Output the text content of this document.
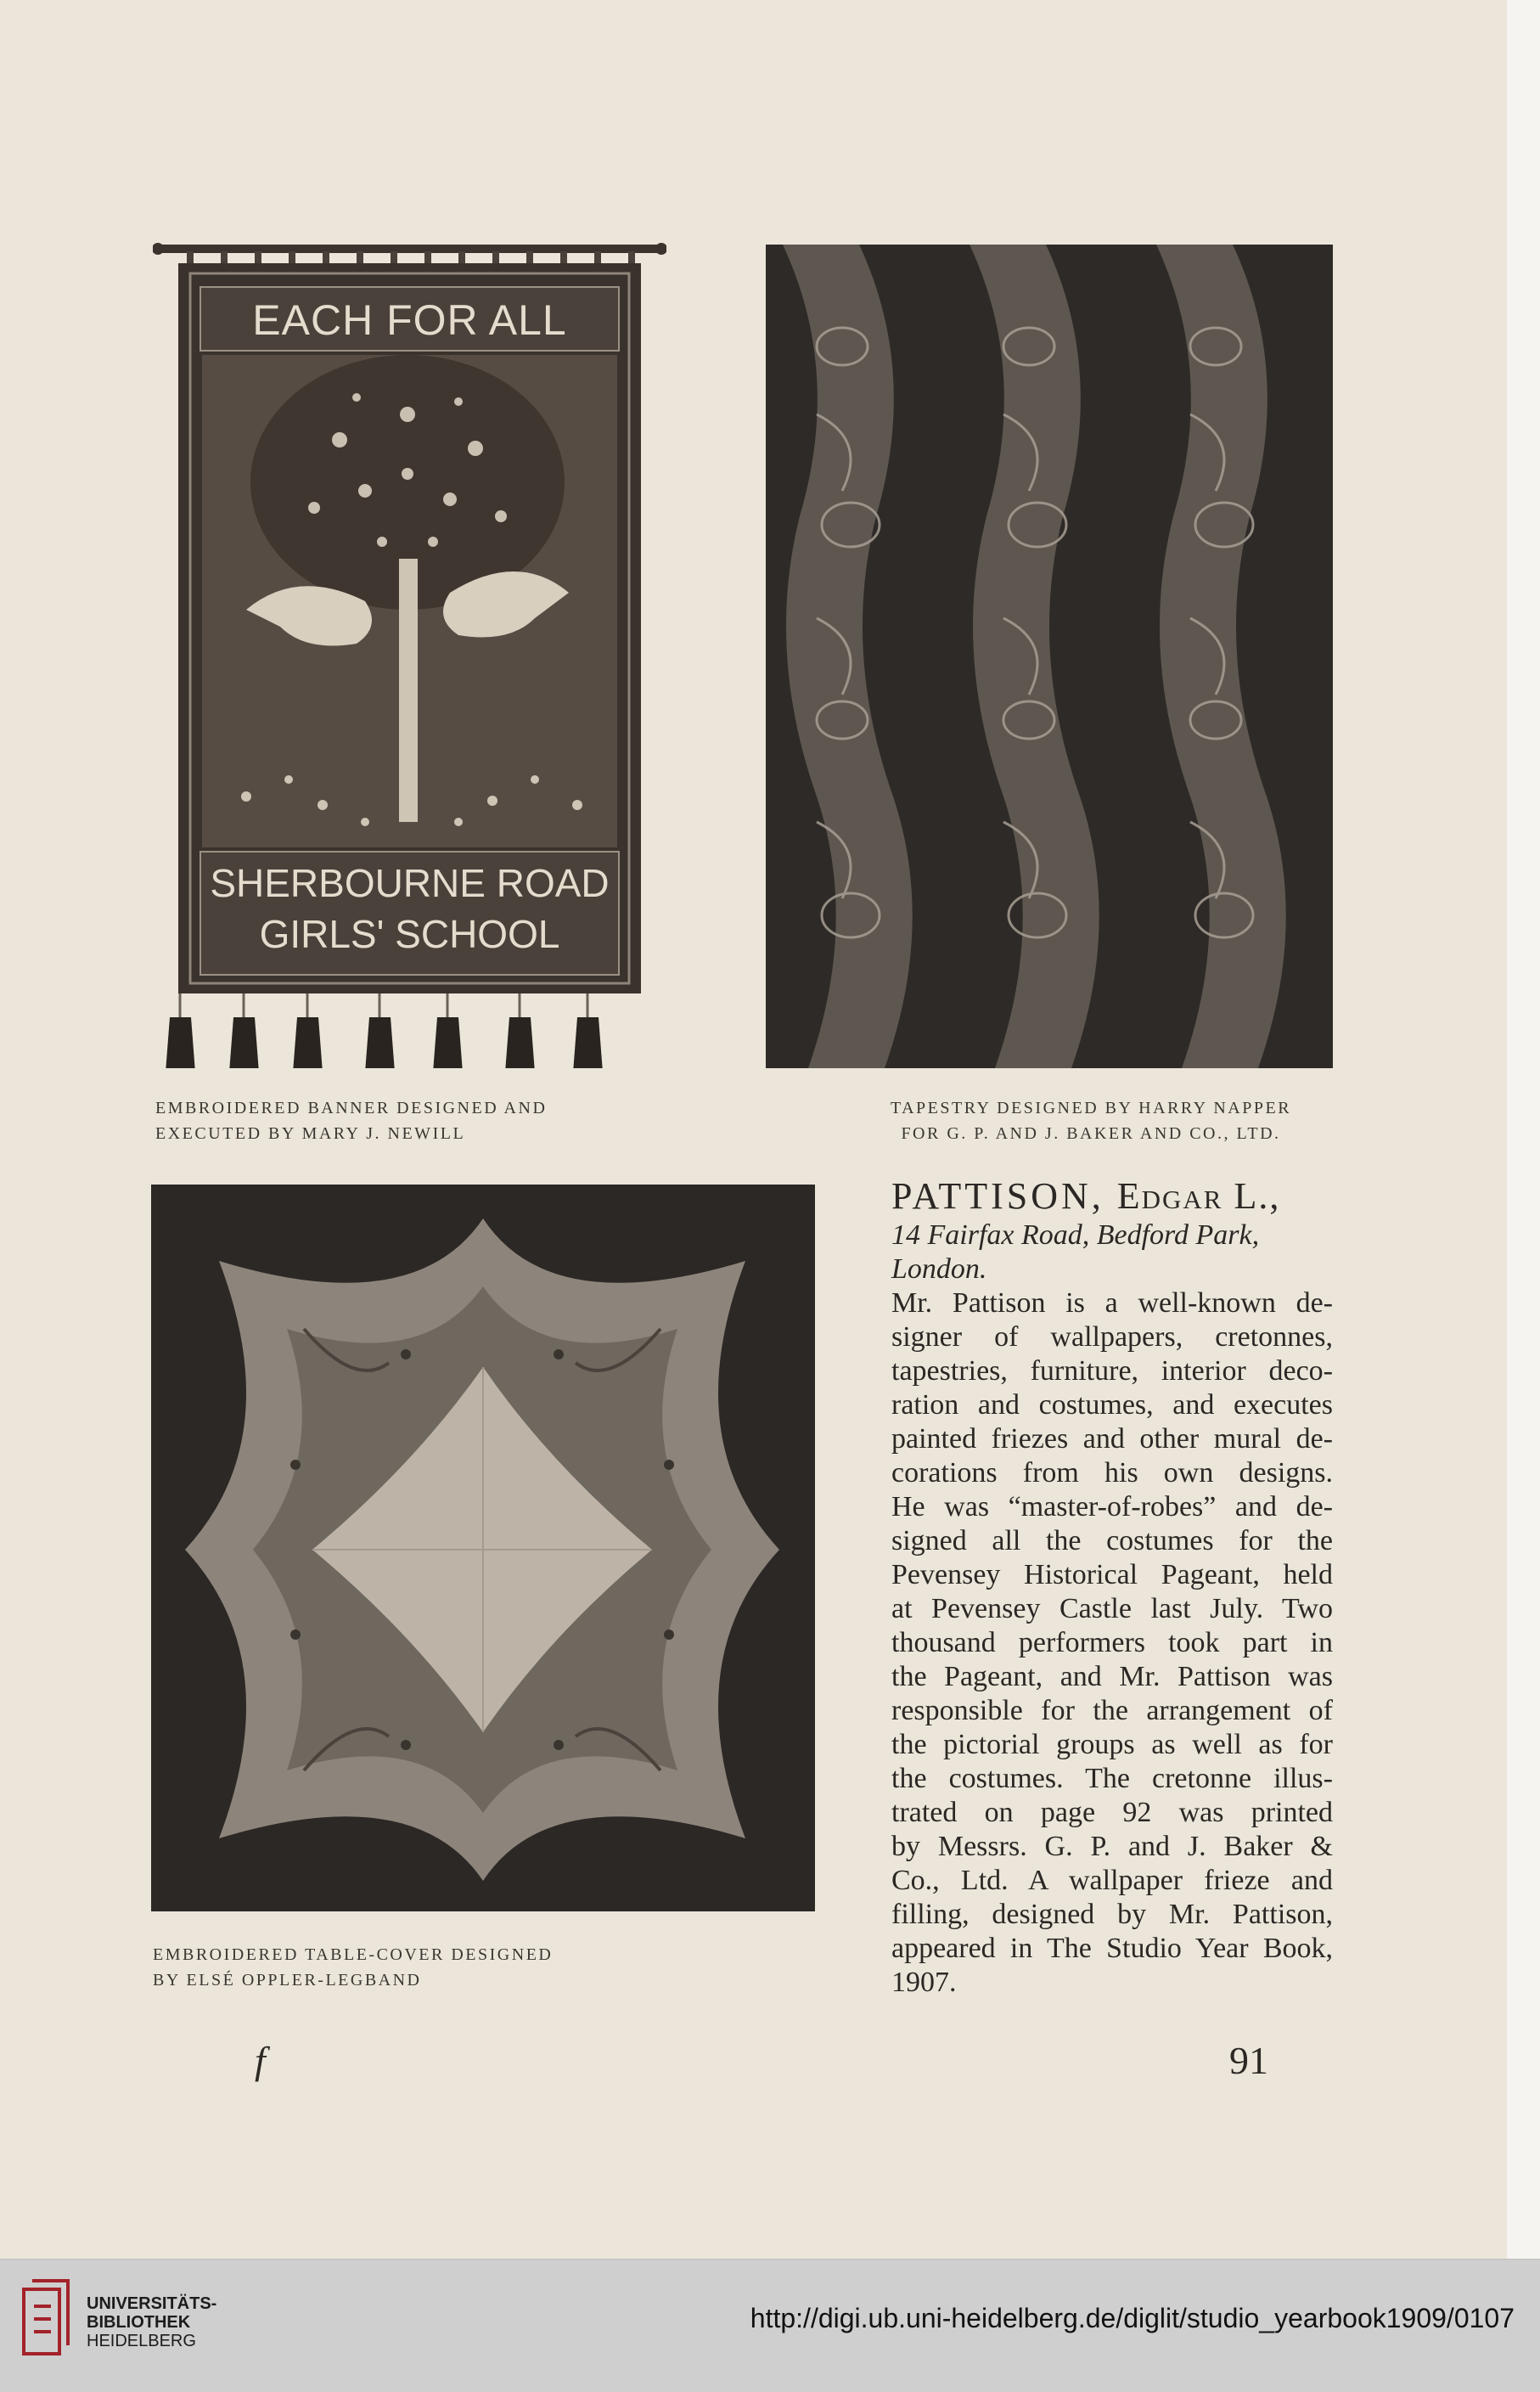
EACH FOR ALL
SHERBOURNE ROAD
GIRLS' SCHOOL
EMBROIDERED BANNER DESIGNED AND
EXECUTED BY MARY J. NEWILL
TAPESTRY DESIGNED BY HARRY NAPPER
FOR G. P. AND J. BAKER AND CO., LTD.
EMBROIDERED TABLE-COVER DESIGNED
BY ELSÉ OPPLER-LEGBAND
PATTISON, Edgar L.,
14 Fairfax Road, Bedford Park,
London.
Mr. Pattison is a well-known de-
signer of wallpapers, cretonnes,
tapestries, furniture, interior deco-
ration and costumes, and executes
painted friezes and other mural de-
corations from his own designs.
He was “master-of-robes” and de-
signed all the costumes for the
Pevensey Historical Pageant, held
at Pevensey Castle last July. Two
thousand performers took part in
the Pageant, and Mr. Pattison was
responsible for the arrangement of
the pictorial groups as well as for
the costumes. The cretonne illus-
trated on page 92 was printed
by Messrs. G. P. and J. Baker &
Co., Ltd. A wallpaper frieze and
filling, designed by Mr. Pattison,
appeared in The Studio Year Book,
1907.
f	91
UNIVERSITÄTS-
BIBLIOTHEK
HEIDELBERG
http://digi.ub.uni-heidelberg.de/diglit/studio_yearbook1909/0107
